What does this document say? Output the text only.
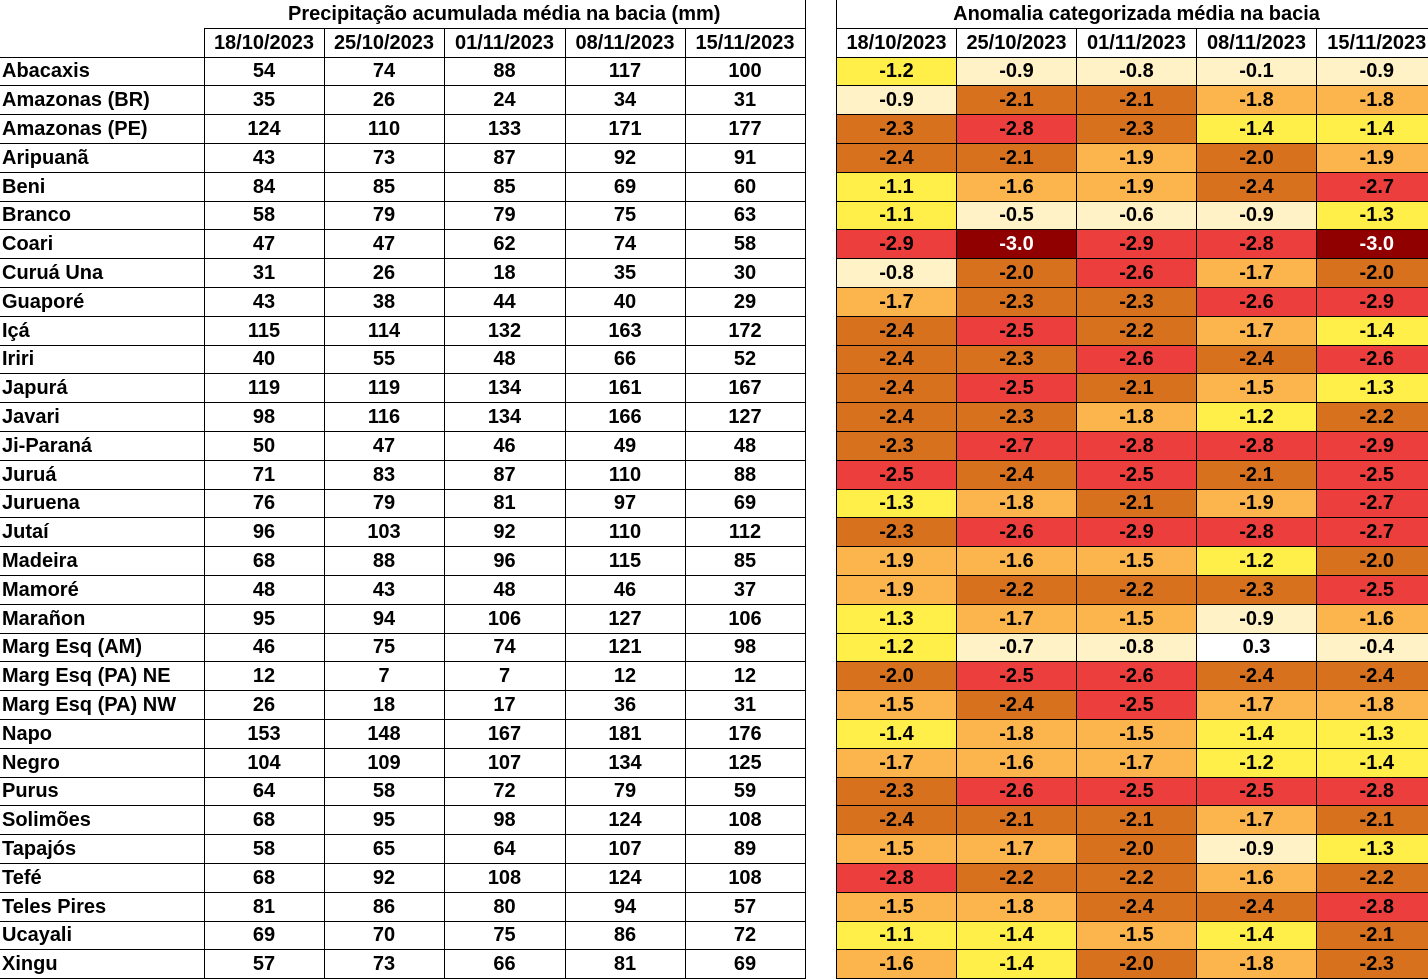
	Precipitação acumulada média na bacia (mm)				
	18/10/2023	25/10/2023	01/11/2023	08/11/2023	15/11/2023
Abacaxis	54	74	88	117	100
Amazonas (BR)	35	26	24	34	31
Amazonas (PE)	124	110	133	171	177
Aripuanã	43	73	87	92	91
Beni	84	85	85	69	60
Branco	58	79	79	75	63
Coari	47	47	62	74	58
Curuá Una	31	26	18	35	30
Guaporé	43	38	44	40	29
Içá	115	114	132	163	172
Iriri	40	55	48	66	52
Japurá	119	119	134	161	167
Javari	98	116	134	166	127
Ji-Paraná	50	47	46	49	48
Juruá	71	83	87	110	88
Juruena	76	79	81	97	69
Jutaí	96	103	92	110	112
Madeira	68	88	96	115	85
Mamoré	48	43	48	46	37
Marañon	95	94	106	127	106
Marg Esq (AM)	46	75	74	121	98
Marg Esq (PA) NE	12	7	7	12	12
Marg Esq (PA) NW	26	18	17	36	31
Napo	153	148	167	181	176
Negro	104	109	107	134	125
Purus	64	58	72	79	59
Solimões	68	95	98	124	108
Tapajós	58	65	64	107	89
Tefé	68	92	108	124	108
Teles Pires	81	86	80	94	57
Ucayali	69	70	75	86	72
Xingu	57	73	66	81	69
Anomalia categorizada média na bacia				
18/10/2023	25/10/2023	01/11/2023	08/11/2023	15/11/2023
-1.2	-0.9	-0.8	-0.1	-0.9
-0.9	-2.1	-2.1	-1.8	-1.8
-2.3	-2.8	-2.3	-1.4	-1.4
-2.4	-2.1	-1.9	-2.0	-1.9
-1.1	-1.6	-1.9	-2.4	-2.7
-1.1	-0.5	-0.6	-0.9	-1.3
-2.9	-3.0	-2.9	-2.8	-3.0
-0.8	-2.0	-2.6	-1.7	-2.0
-1.7	-2.3	-2.3	-2.6	-2.9
-2.4	-2.5	-2.2	-1.7	-1.4
-2.4	-2.3	-2.6	-2.4	-2.6
-2.4	-2.5	-2.1	-1.5	-1.3
-2.4	-2.3	-1.8	-1.2	-2.2
-2.3	-2.7	-2.8	-2.8	-2.9
-2.5	-2.4	-2.5	-2.1	-2.5
-1.3	-1.8	-2.1	-1.9	-2.7
-2.3	-2.6	-2.9	-2.8	-2.7
-1.9	-1.6	-1.5	-1.2	-2.0
-1.9	-2.2	-2.2	-2.3	-2.5
-1.3	-1.7	-1.5	-0.9	-1.6
-1.2	-0.7	-0.8	0.3	-0.4
-2.0	-2.5	-2.6	-2.4	-2.4
-1.5	-2.4	-2.5	-1.7	-1.8
-1.4	-1.8	-1.5	-1.4	-1.3
-1.7	-1.6	-1.7	-1.2	-1.4
-2.3	-2.6	-2.5	-2.5	-2.8
-2.4	-2.1	-2.1	-1.7	-2.1
-1.5	-1.7	-2.0	-0.9	-1.3
-2.8	-2.2	-2.2	-1.6	-2.2
-1.5	-1.8	-2.4	-2.4	-2.8
-1.1	-1.4	-1.5	-1.4	-2.1
-1.6	-1.4	-2.0	-1.8	-2.3
